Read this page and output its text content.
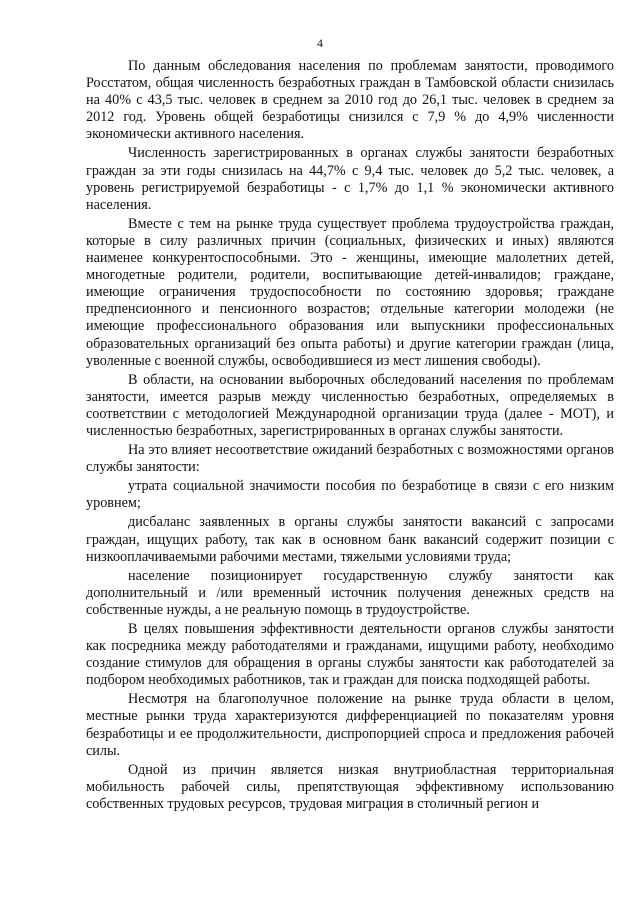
4

По данным обследования населения по проблемам занятости, проводимого Росстатом, общая численность безработных граждан в Тамбовской области снизилась на 40% с 43,5 тыс. человек в среднем за 2010 год до 26,1 тыс. человек в среднем за 2012 год. Уровень общей безработицы снизился с 7,9 % до 4,9% численности экономически активного населения.

Численность зарегистрированных в органах службы занятости безработных граждан за эти годы снизилась на 44,7% с 9,4 тыс. человек до 5,2 тыс. человек, а уровень регистрируемой безработицы - с 1,7% до 1,1 % экономически активного населения.

Вместе с тем на рынке труда существует проблема трудоустройства граждан, которые в силу различных причин (социальных, физических и иных) являются наименее конкурентоспособными. Это - женщины, имеющие малолетних детей, многодетные родители, родители, воспитывающие детей-инвалидов; граждане, имеющие ограничения трудоспособности по состоянию здоровья; граждане предпенсионного и пенсионного возрастов; отдельные категории молодежи (не имеющие профессионального образования или выпускники профессиональных образовательных организаций без опыта работы) и другие категории граждан (лица, уволенные с военной службы, освободившиеся из мест лишения свободы).

В области, на основании выборочных обследований населения по проблемам занятости, имеется разрыв между численностью безработных, определяемых в соответствии с методологией Международной организации труда (далее - МОТ), и численностью безработных, зарегистрированных в органах службы занятости.

На это влияет несоответствие ожиданий безработных с возможностями органов службы занятости:

утрата социальной значимости пособия по безработице в связи с его низким уровнем;

дисбаланс заявленных в органы службы занятости вакансий с запросами граждан, ищущих работу, так как в основном банк вакансий содержит позиции с низкооплачиваемыми рабочими местами, тяжелыми условиями труда;

население позиционирует государственную службу занятости как дополнительный и /или временный источник получения денежных средств на собственные нужды, а не реальную помощь в трудоустройстве.

В целях повышения эффективности деятельности органов службы занятости как посредника между работодателями и гражданами, ищущими работу, необходимо создание стимулов для обращения в органы службы занятости как работодателей за подбором необходимых работников, так и граждан для поиска подходящей работы.

Несмотря на благополучное положение на рынке труда области в целом, местные рынки труда характеризуются дифференциацией по показателям уровня безработицы и ее продолжительности, диспропорцией спроса и предложения рабочей силы.

Одной из причин является низкая внутриобластная территориальная мобильность рабочей силы, препятствующая эффективному использованию собственных трудовых ресурсов, трудовая миграция в столичный регион и
